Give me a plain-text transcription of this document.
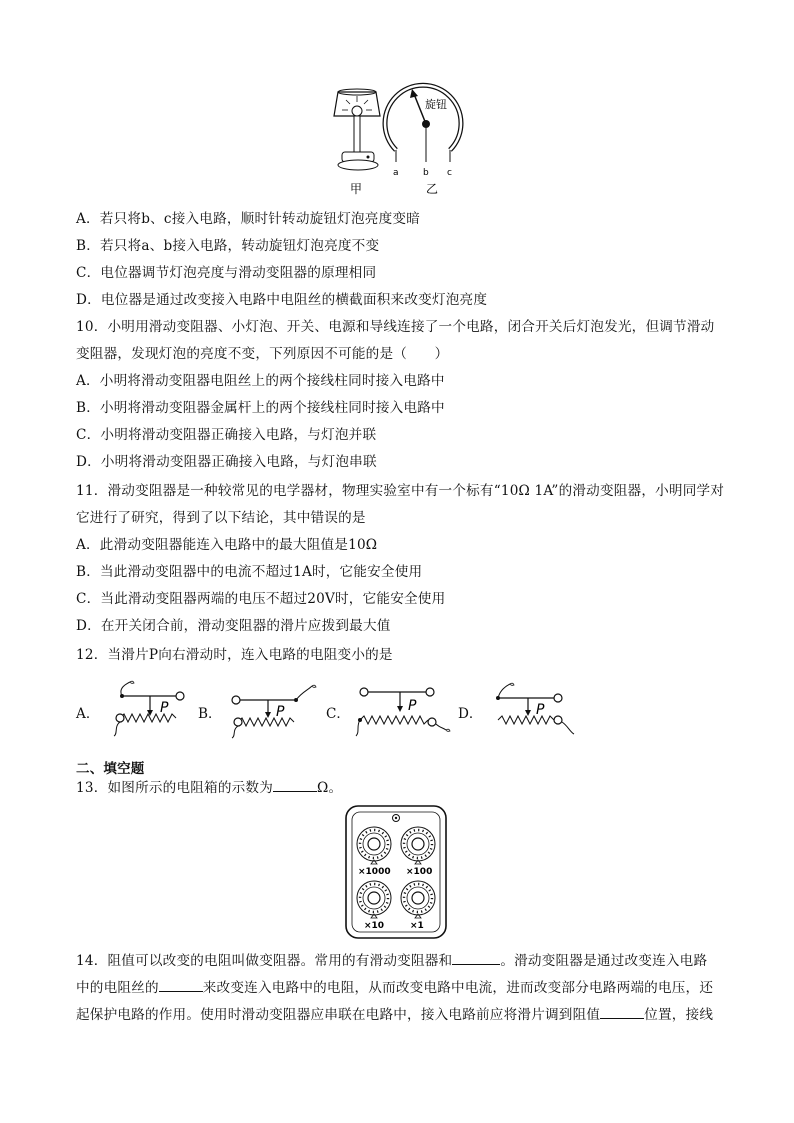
旋钮
a	b c
甲	乙
A．若只将b、c接入电路，顺时针转动旋钮灯泡亮度变暗
B．若只将a、b接入电路，转动旋钮灯泡亮度不变
C．电位器调节灯泡亮度与滑动变阻器的原理相同
D．电位器是通过改变接入电路中电阻丝的横截面积来改变灯泡亮度
10．小明用滑动变阻器、小灯泡、开关、电源和导线连接了一个电路，闭合开关后灯泡发光，但调节滑动
变阻器，发现灯泡的亮度不变，下列原因不可能的是（　　）
A．小明将滑动变阻器电阻丝上的两个接线柱同时接入电路中
B．小明将滑动变阻器金属杆上的两个接线柱同时接入电路中
C．小明将滑动变阻器正确接入电路，与灯泡并联
D．小明将滑动变阻器正确接入电路，与灯泡串联
11．滑动变阻器是一种较常见的电学器材，物理实验室中有一个标有“10Ω 1A”的滑动变阻器，小明同学对
它进行了研究，得到了以下结论，其中错误的是
A．此滑动变阻器能连入电路中的最大阻值是10Ω
B．当此滑动变阻器中的电流不超过1A时，它能安全使用
C．当此滑动变阻器两端的电压不超过20V时，它能安全使用
D．在开关闭合前，滑动变阻器的滑片应拨到最大值
12．当滑片P向右滑动时，连入电路的电阻变小的是
A．	B．	C．	D．
P	P	P	P
二、填空题
13．如图所示的电阻箱的示数为	Ω。
×1000 ×100
×10	×1
14．阻值可以改变的电阻叫做变阻器。常用的有滑动变阻器和	。滑动变阻器是通过改变连入电路
中的电阻丝的	来改变连入电路中的电阻，从而改变电路中电流，进而改变部分电路两端的电压，还
起保护电路的作用。使用时滑动变阻器应串联在电路中，接入电路前应将滑片调到阻值	位置，接线
